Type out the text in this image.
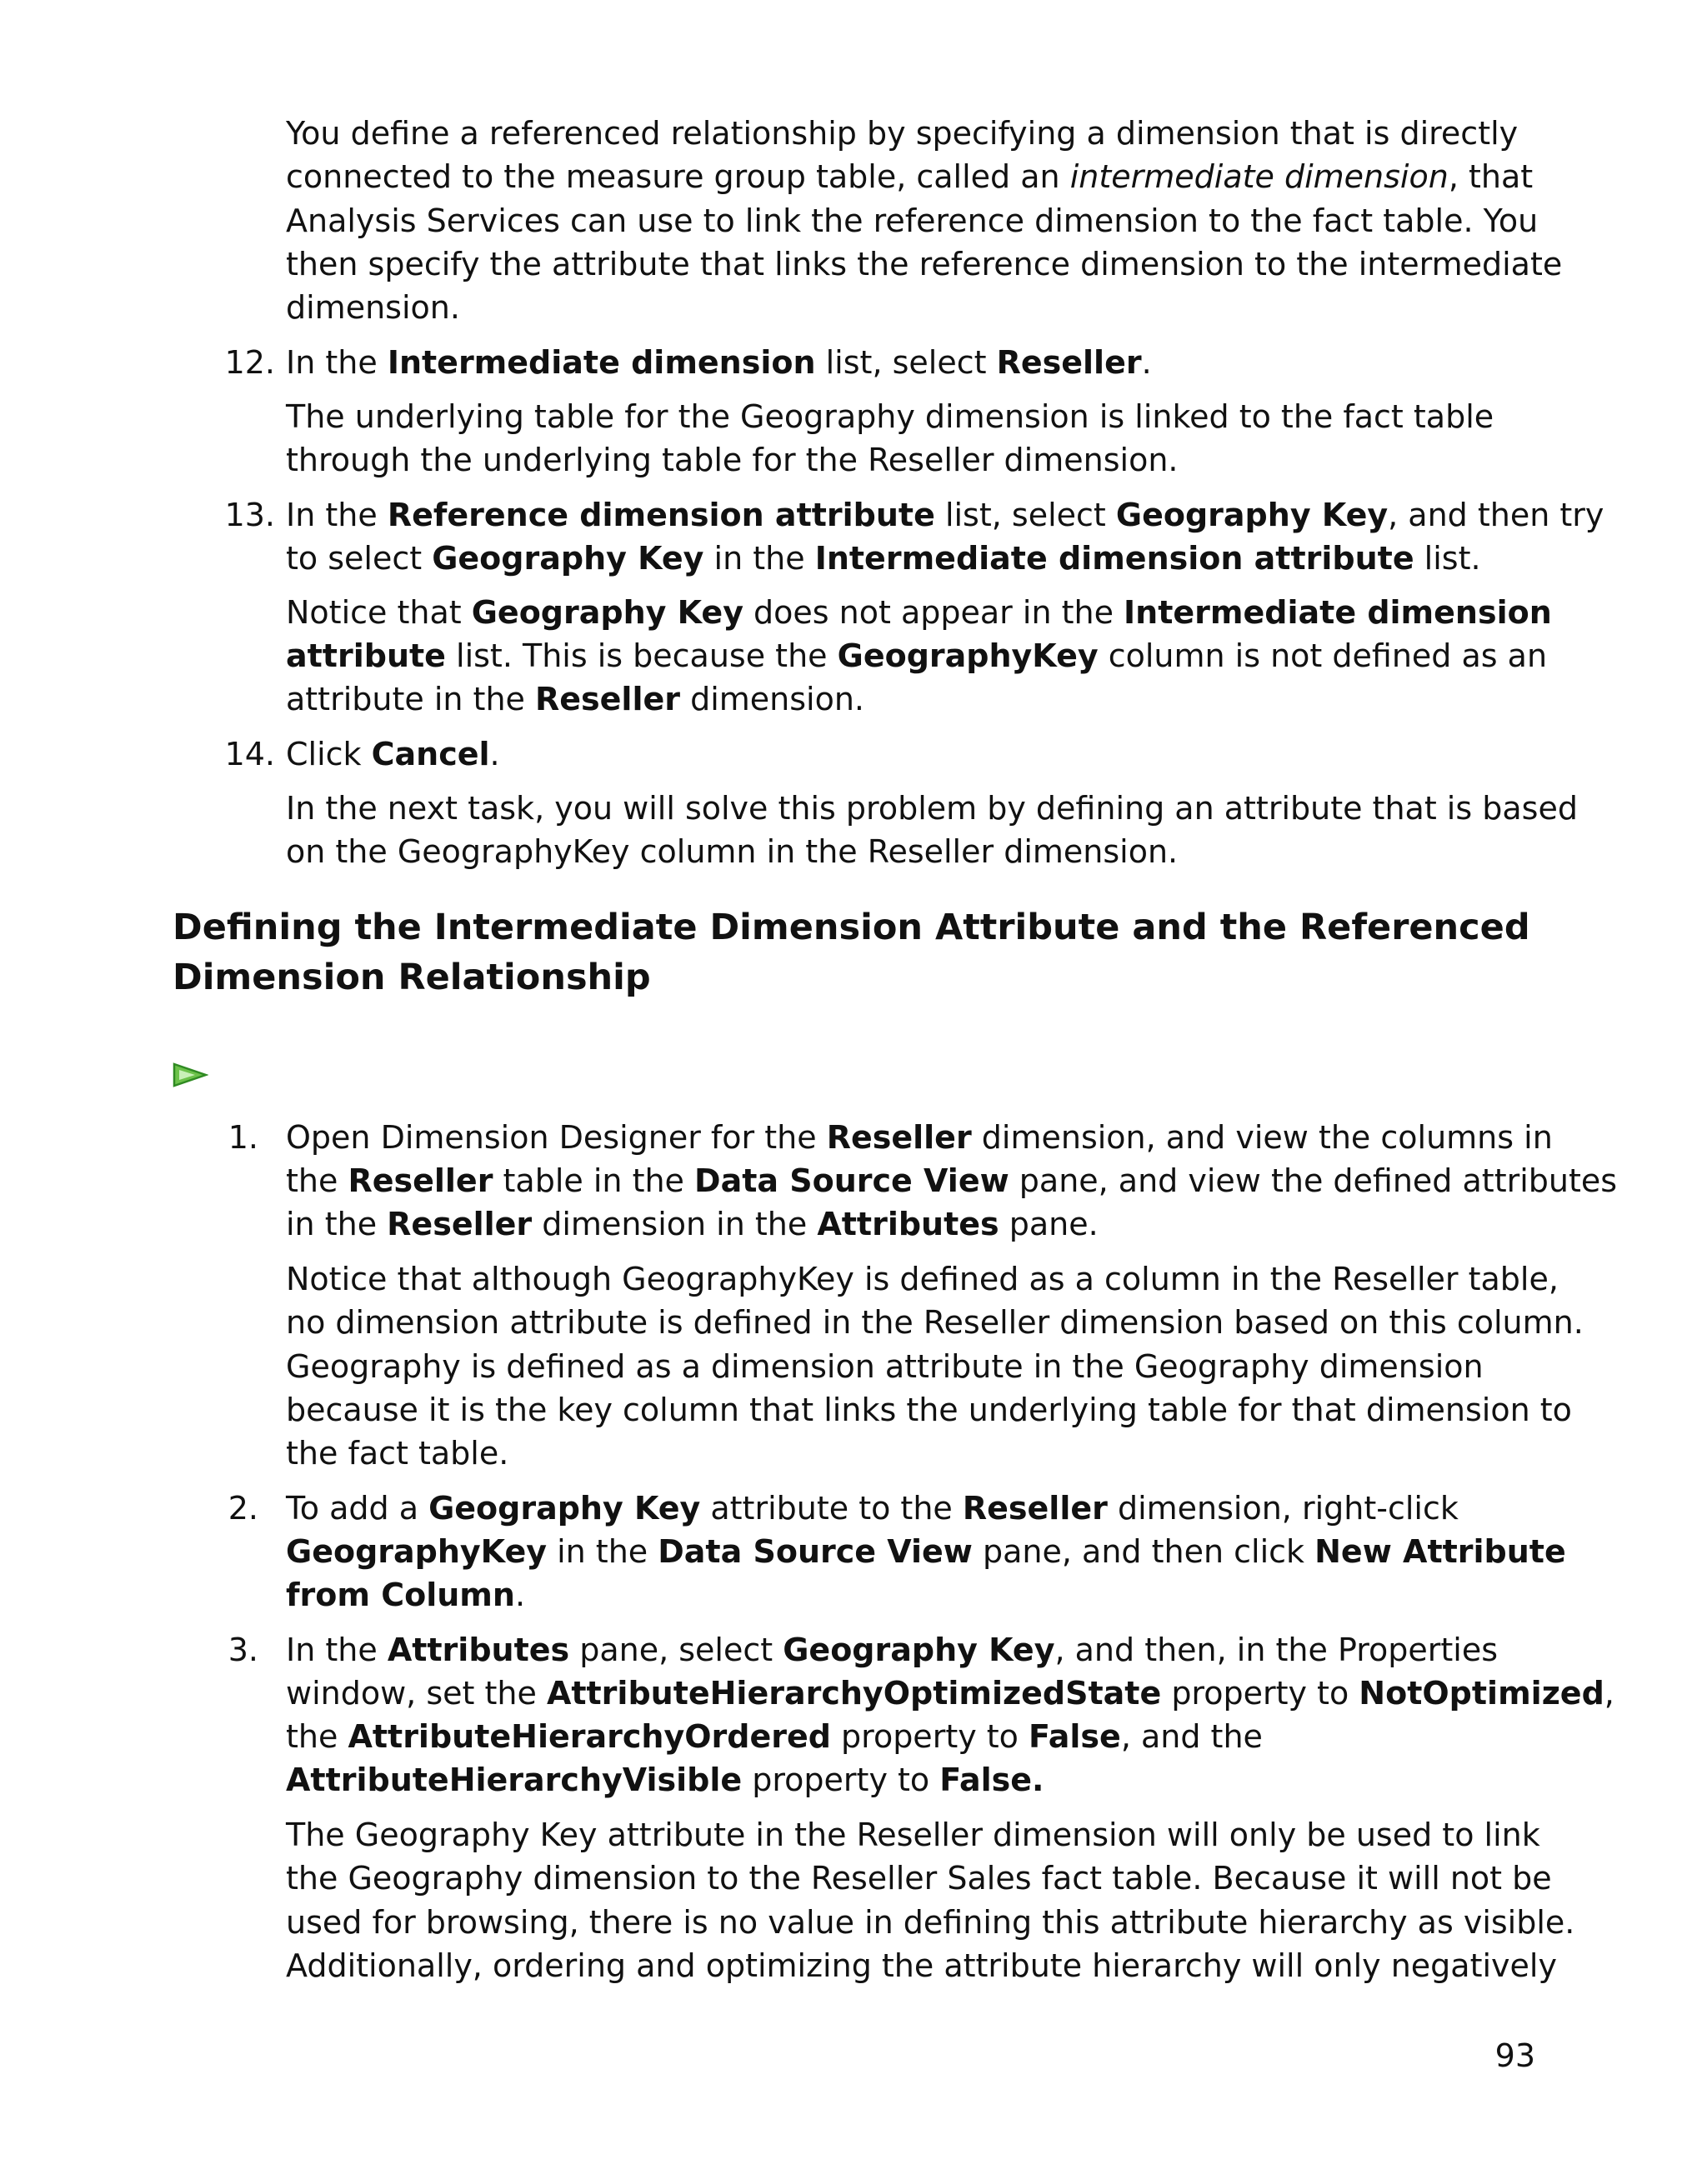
You define a referenced relationship by specifying a dimension that is directly
connected to the measure group table, called an intermediate dimension, that
Analysis Services can use to link the reference dimension to the fact table. You
then specify the attribute that links the reference dimension to the intermediate
dimension.
12. In the Intermediate dimension list, select Reseller.
The underlying table for the Geography dimension is linked to the fact table
through the underlying table for the Reseller dimension.
13. In the Reference dimension attribute list, select Geography Key, and then try
to select Geography Key in the Intermediate dimension attribute list.
Notice that Geography Key does not appear in the Intermediate dimension
attribute list. This is because the GeographyKey column is not defined as an
attribute in the Reseller dimension.
14. Click Cancel.
In the next task, you will solve this problem by defining an attribute that is based
on the GeographyKey column in the Reseller dimension.
Defining the Intermediate Dimension Attribute and the Referenced
Dimension Relationship
1. Open Dimension Designer for the Reseller dimension, and view the columns in
the Reseller table in the Data Source View pane, and view the defined attributes
in the Reseller dimension in the Attributes pane.
Notice that although GeographyKey is defined as a column in the Reseller table,
no dimension attribute is defined in the Reseller dimension based on this column.
Geography is defined as a dimension attribute in the Geography dimension
because it is the key column that links the underlying table for that dimension to
the fact table.
2. To add a Geography Key attribute to the Reseller dimension, right-click
GeographyKey in the Data Source View pane, and then click New Attribute
from Column.
3. In the Attributes pane, select Geography Key, and then, in the Properties
window, set the AttributeHierarchyOptimizedState property to NotOptimized,
the AttributeHierarchyOrdered property to False, and the
AttributeHierarchyVisible property to False.
The Geography Key attribute in the Reseller dimension will only be used to link
the Geography dimension to the Reseller Sales fact table. Because it will not be
used for browsing, there is no value in defining this attribute hierarchy as visible.
Additionally, ordering and optimizing the attribute hierarchy will only negatively
93
